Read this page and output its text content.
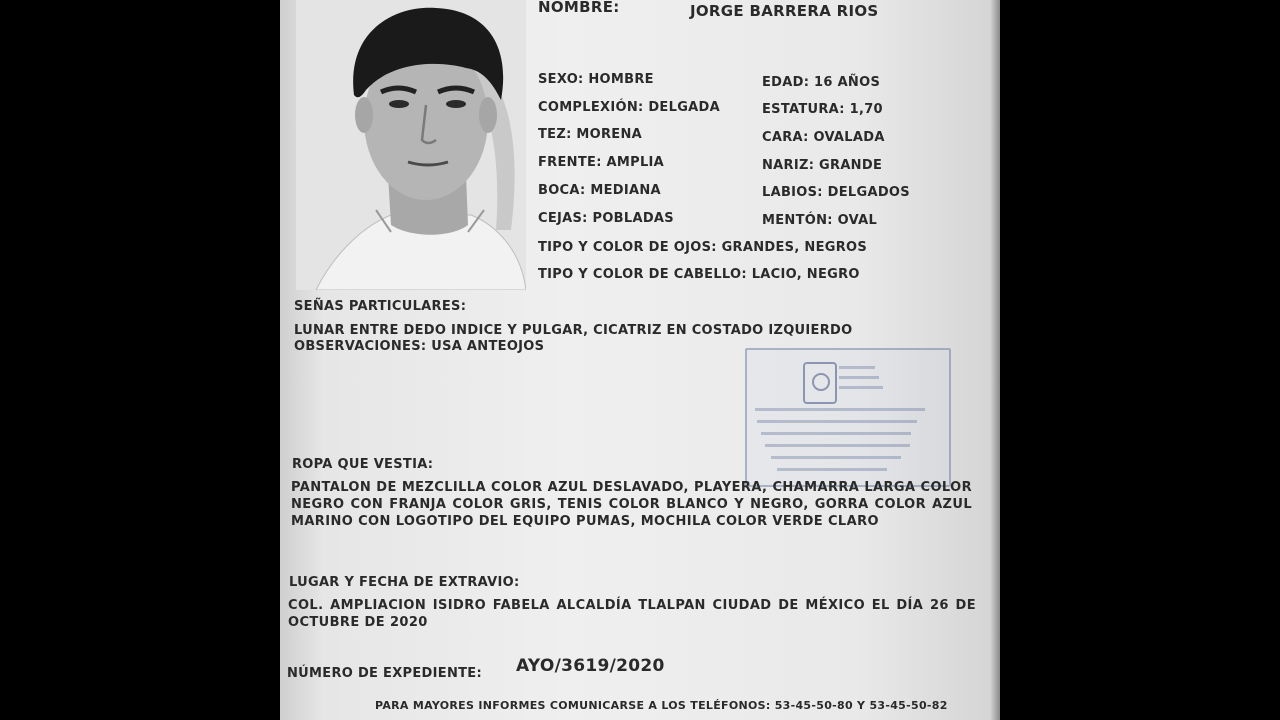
NOMBRE:	JORGE BARRERA RIOS
SEXO: HOMBRE
COMPLEXIÓN: DELGADA
TEZ: MORENA
FRENTE: AMPLIA
BOCA: MEDIANA
CEJAS: POBLADAS
EDAD: 16 AÑOS
ESTATURA: 1,70
CARA: OVALADA
NARIZ: GRANDE
LABIOS: DELGADOS
MENTÓN: OVAL
TIPO Y COLOR DE OJOS: GRANDES, NEGROS
TIPO Y COLOR DE CABELLO: LACIO, NEGRO
SEÑAS PARTICULARES:
LUNAR ENTRE DEDO INDICE Y PULGAR, CICATRIZ EN COSTADO IZQUIERDO
OBSERVACIONES: USA ANTEOJOS
ROPA QUE VESTIA:
PANTALON DE MEZCLILLA COLOR AZUL DESLAVADO, PLAYERA, CHAMARRA LARGA COLOR NEGRO CON FRANJA COLOR GRIS, TENIS COLOR BLANCO Y NEGRO, GORRA COLOR AZUL MARINO CON LOGOTIPO DEL EQUIPO PUMAS, MOCHILA COLOR VERDE CLARO
LUGAR Y FECHA DE EXTRAVIO:
COL. AMPLIACION ISIDRO FABELA ALCALDÍA TLALPAN CIUDAD DE MÉXICO EL DÍA 26 DE OCTUBRE DE 2020
NÚMERO DE EXPEDIENTE: AYO/3619/2020
PARA MAYORES INFORMES COMUNICARSE A LOS TELÉFONOS: 53-45-50-80 Y 53-45-50-82
